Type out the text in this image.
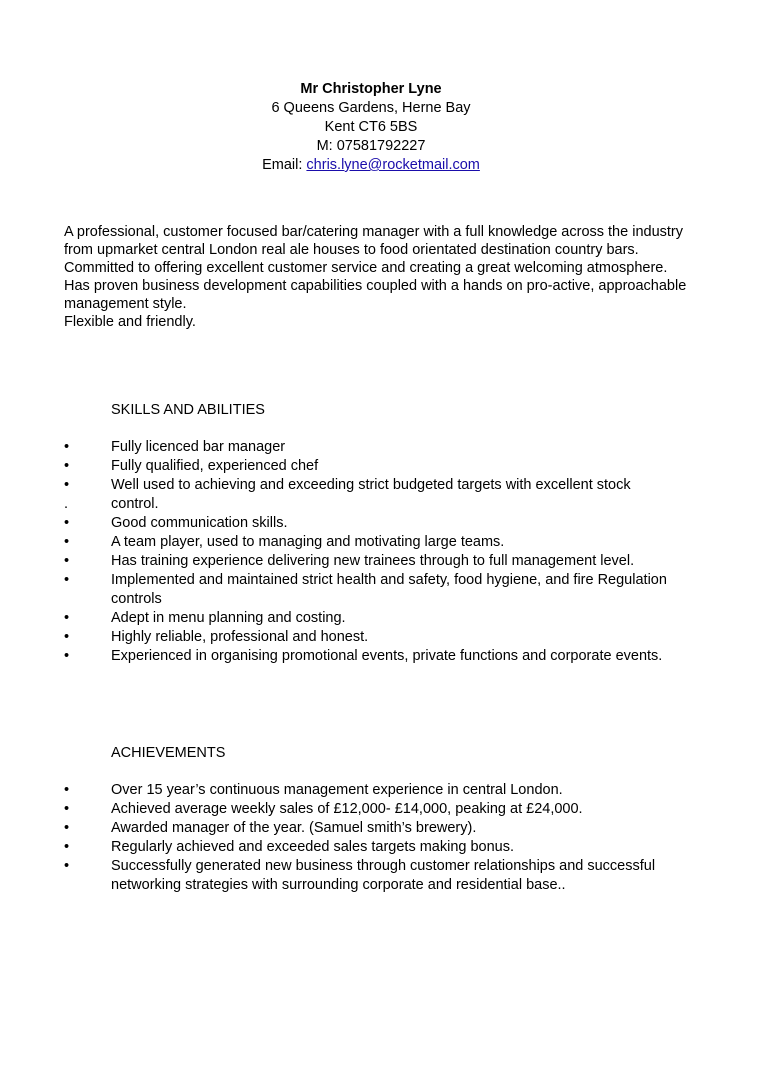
Mr Christopher Lyne
6 Queens Gardens, Herne Bay
Kent CT6 5BS
M: 07581792227
Email: chris.lyne@rocketmail.com

A professional, customer focused bar/catering manager with a full knowledge across the industry from upmarket central London real ale houses to food orientated destination country bars.

Committed to offering excellent customer service and creating a great welcoming atmosphere.

Has proven business development capabilities coupled with a hands on pro-active, approachable management style.

Flexible and friendly.

SKILLS AND ABILITIES
•	Fully licenced bar manager
•	Fully qualified, experienced chef
•	Well used to achieving and exceeding strict budgeted targets with excellent stock
.	control.
•	Good communication skills.
•	A team player, used to managing and motivating large teams.
•	Has training experience delivering new trainees through to full management level.
•	Implemented and maintained strict health and safety, food hygiene, and fire Regulation controls
•	Adept in menu planning and costing.
•	Highly reliable, professional and honest.
•	Experienced in organising promotional events, private functions and corporate events.
ACHIEVEMENTS
•	Over 15 year’s continuous management experience in central London.
•	Achieved average weekly sales of £12,000- £14,000, peaking at £24,000.
•	Awarded manager of the year. (Samuel smith’s brewery).
•	Regularly achieved and exceeded sales targets making bonus.
•	Successfully generated new business through customer relationships and successful networking strategies with surrounding corporate and residential base..
